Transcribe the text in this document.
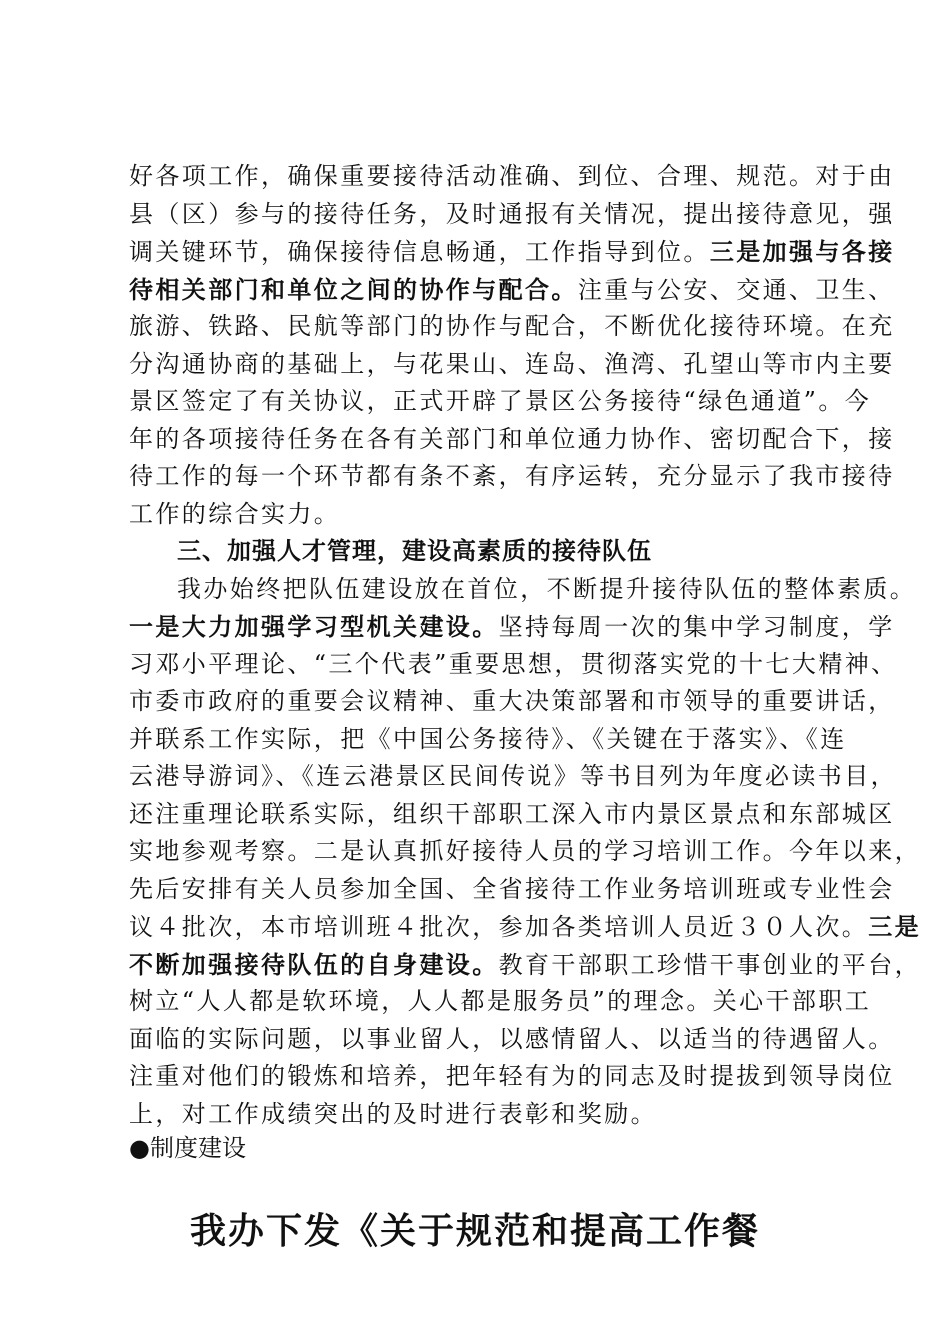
好各项工作，确保重要接待活动准确、到位、合理、规范。对于由
县（区）参与的接待任务，及时通报有关情况，提出接待意见，强
调关键环节，确保接待信息畅通，工作指导到位。三是加强与各接
待相关部门和单位之间的协作与配合。注重与公安、交通、卫生、
旅游、铁路、民航等部门的协作与配合，不断优化接待环境。在充
分沟通协商的基础上，与花果山、连岛、渔湾、孔望山等市内主要
景区签定了有关协议，正式开辟了景区公务接待“绿色通道”。今
年的各项接待任务在各有关部门和单位通力协作、密切配合下，接
待工作的每一个环节都有条不紊，有序运转，充分显示了我市接待
工作的综合实力。
三、加强人才管理，建设高素质的接待队伍
我办始终把队伍建设放在首位，不断提升接待队伍的整体素质。
一是大力加强学习型机关建设。坚持每周一次的集中学习制度，学
习邓小平理论、“三个代表”重要思想，贯彻落实党的十七大精神、
市委市政府的重要会议精神、重大决策部署和市领导的重要讲话，
并联系工作实际，把《中国公务接待》、《关键在于落实》、《连
云港导游词》、《连云港景区民间传说》等书目列为年度必读书目，
还注重理论联系实际，组织干部职工深入市内景区景点和东部城区
实地参观考察。二是认真抓好接待人员的学习培训工作。今年以来，
先后安排有关人员参加全国、全省接待工作业务培训班或专业性会
议４批次，本市培训班４批次，参加各类培训人员近３０人次。三是
不断加强接待队伍的自身建设。教育干部职工珍惜干事创业的平台，
树立“人人都是软环境，人人都是服务员”的理念。关心干部职工
面临的实际问题，以事业留人，以感情留人、以适当的待遇留人。
注重对他们的锻炼和培养，把年轻有为的同志及时提拔到领导岗位
上，对工作成绩突出的及时进行表彰和奖励。
●制度建设
我办下发《关于规范和提高工作餐
